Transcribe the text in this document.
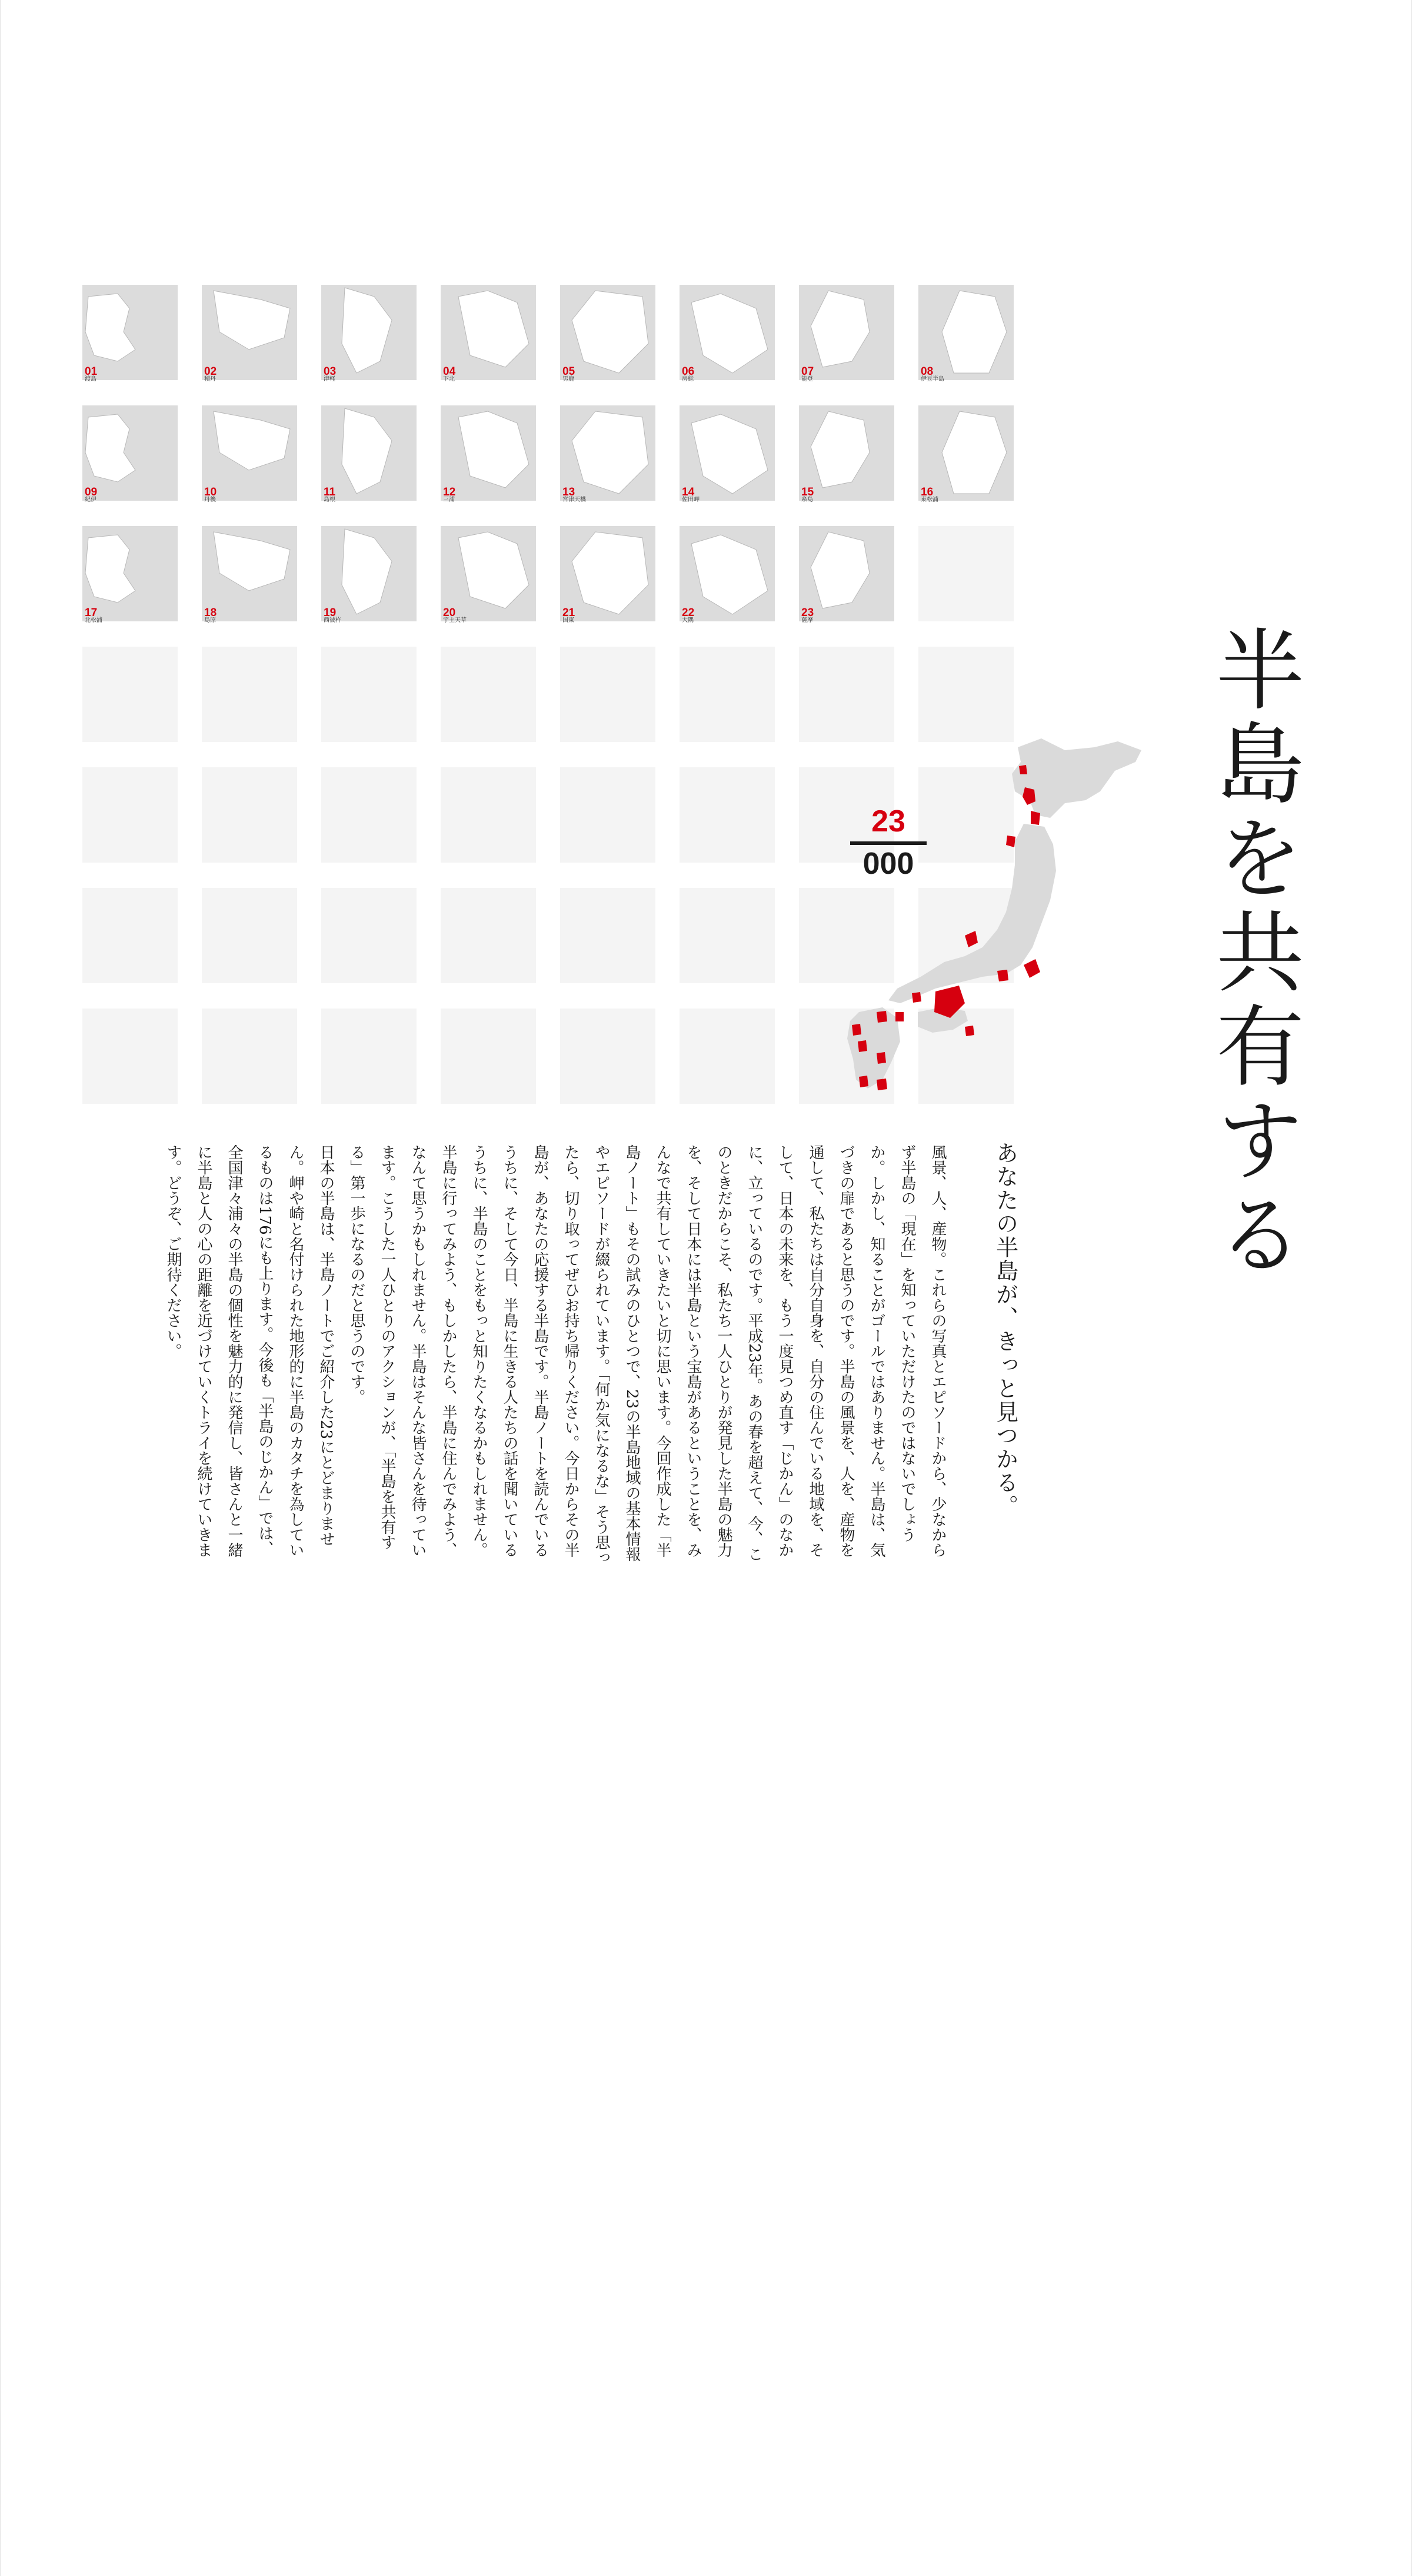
01
渡島
02
積丹
03
津軽
04
下北
05
男鹿
06
房総
07
能登
08
伊豆半島
09
紀伊
10
丹後
11
島根
12
三浦
13
宮津天橋
14
佐田岬
15
糸島
16
東松浦
17
北松浦
18
島原
19
西彼杵
20
宇土天草
21
国東
22
大隅
23
薩摩
23
000	半島を共有する
あなたの半島が、きっと見つかる。

風景、人、産物。これらの写真とエピソードから、少なからず半島の「現在」を知っていただけたのではないでしょうか。しかし、知ることがゴールではありません。半島は、気づきの扉であると思うのです。半島の風景を、人を、産物を通して、私たちは自分自身を、自分の住んでいる地域を、そして、日本の未来を、もう一度見つめ直す「じかん」のなかに、立っているのです。平成23年。あの春を超えて、今、このときだからこそ、私たち一人ひとりが発見した半島の魅力を、そして日本には半島という宝島があるということを、みんなで共有していきたいと切に思います。今回作成した「半島ノート」もその試みのひとつで、23の半島地域の基本情報やエピソードが綴られています。「何か気になるな」そう思ったら、切り取ってぜひお持ち帰りください。今日からその半島が、あなたの応援する半島です。半島ノートを読んでいるうちに、そして今日、半島に生きる人たちの話を聞いているうちに、半島のことをもっと知りたくなるかもしれません。半島に行ってみよう、もしかしたら、半島に住んでみよう、なんて思うかもしれません。半島はそんな皆さんを待っています。こうした一人ひとりのアクションが、「半島を共有する」第一歩になるのだと思うのです。

日本の半島は、半島ノートでご紹介した23にとどまりません。岬や崎と名付けられた地形的に半島のカタチを為しているものは176にも上ります。今後も「半島のじかん」では、全国津々浦々の半島の個性を魅力的に発信し、皆さんと一緒に半島と人の心の距離を近づけていくトライを続けていきます。どうぞ、ご期待ください。
